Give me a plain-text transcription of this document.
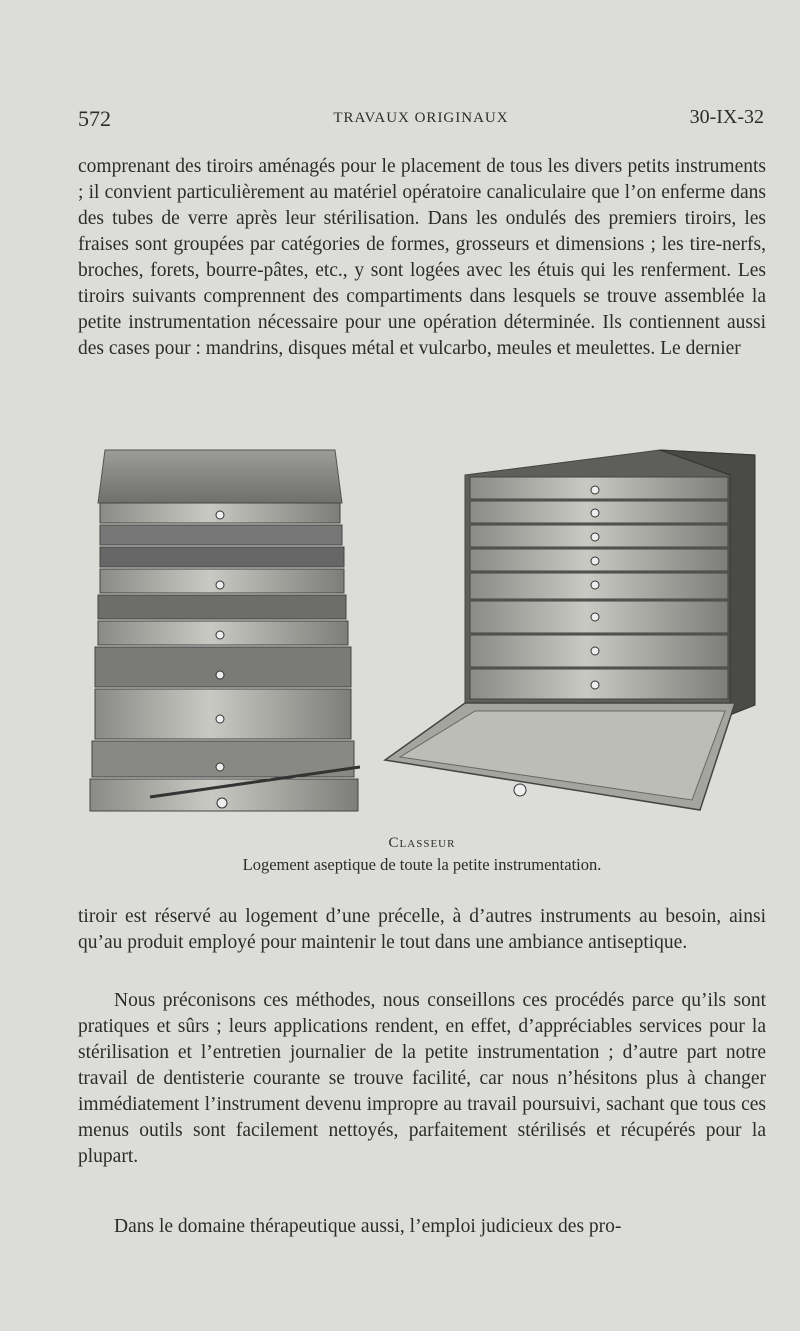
572	TRAVAUX ORIGINAUX	30-IX-32

comprenant des tiroirs aménagés pour le placement de tous les divers petits instruments ; il convient particulièrement au matériel opératoire canaliculaire que l’on enferme dans des tubes de verre après leur stérilisation. Dans les ondulés des premiers tiroirs, les fraises sont groupées par catégories de formes, grosseurs et dimensions ; les tire-nerfs, broches, forets, bourre-pâtes, etc., y sont logées avec les étuis qui les renferment. Les tiroirs suivants comprennent des compartiments dans lesquels se trouve assemblée la petite instrumentation nécessaire pour une opération déterminée. Ils contiennent aussi des cases pour : mandrins, disques métal et vulcarbo, meules et meulettes. Le dernier

Classeur
Logement aseptique de toute la petite instrumentation.

tiroir est réservé au logement d’une précelle, à d’autres instruments au besoin, ainsi qu’au produit employé pour maintenir le tout dans une ambiance antiseptique.

Nous préconisons ces méthodes, nous conseillons ces procédés parce qu’ils sont pratiques et sûrs ; leurs applications rendent, en effet, d’appréciables services pour la stérilisation et l’entretien journalier de la petite instrumentation ; d’autre part notre travail de dentisterie courante se trouve facilité, car nous n’hésitons plus à changer immédiatement l’instrument devenu impropre au travail poursuivi, sachant que tous ces menus outils sont facilement nettoyés, parfaitement stérilisés et récupérés pour la plupart.

Dans le domaine thérapeutique aussi, l’emploi judicieux des pro-
